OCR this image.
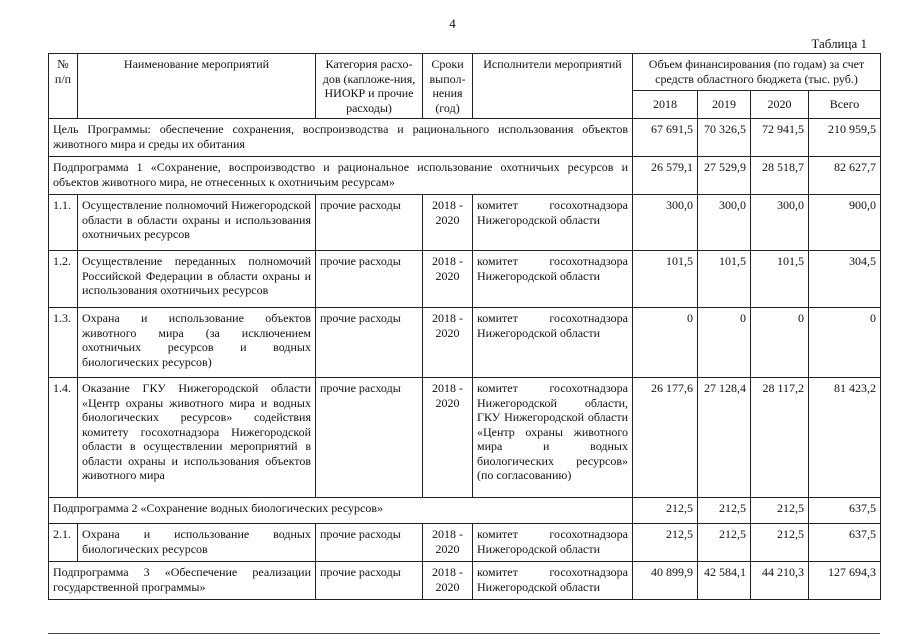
4
Таблица 1
№ п/п	Наименование мероприятий	Категория расхо-дов (капложе-ния, НИОКР и прочие расходы)	Сроки выпол-нения (год)	Исполнители мероприятий	Объем финансирования (по годам) за счет средств областного бюджета (тыс. руб.)			
					2018	2019	2020	Всего
Цель Программы: обеспечение сохранения, воспроизводства и рационального использования объектов животного мира и среды их обитания					67 691,5	70 326,5	72 941,5	210 959,5
Подпрограмма 1 «Сохранение, воспроизводство и рациональное использование охотничьих ресурсов и объектов животного мира, не отнесенных к охотничьим ресурсам»					26 579,1	27 529,9	28 518,7	82 627,7
1.1.	Осуществление полномочий Нижегородской области в области охраны и использования охотничьих ресурсов	прочие расходы	2018 - 2020	комитет госохотнадзора Нижегородской области	300,0	300,0	300,0	900,0
1.2.	Осуществление переданных полномочий Российской Федерации в области охраны и использования охотничьих ресурсов	прочие расходы	2018 - 2020	комитет госохотнадзора Нижегородской области	101,5	101,5	101,5	304,5
1.3.	Охрана и использование объектов животного мира (за исключением охотничьих ресурсов и водных биологических ресурсов)	прочие расходы	2018 - 2020	комитет госохотнадзора Нижегородской области	0	0	0	0
1.4.	Оказание ГКУ Нижегородской области «Центр охраны животного мира и водных биологических ресурсов» содействия комитету госохотнадзора Нижегородской области в осуществлении мероприятий в области охраны и использования объектов животного мира	прочие расходы	2018 - 2020	комитет госохотнадзора Нижегородской области, ГКУ Нижегородской области «Центр охраны животного мира и водных биологических ресурсов» (по согласованию)	26 177,6	27 128,4	28 117,2	81 423,2
Подпрограмма 2 «Сохранение водных биологических ресурсов»					212,5	212,5	212,5	637,5
2.1.	Охрана и использование водных биологических ресурсов	прочие расходы	2018 - 2020	комитет госохотнадзора Нижегородской области	212,5	212,5	212,5	637,5
Подпрограмма 3 «Обеспечение реализации государственной программы»		прочие расходы	2018 - 2020	комитет госохотнадзора Нижегородской области	40 899,9	42 584,1	44 210,3	127 694,3
